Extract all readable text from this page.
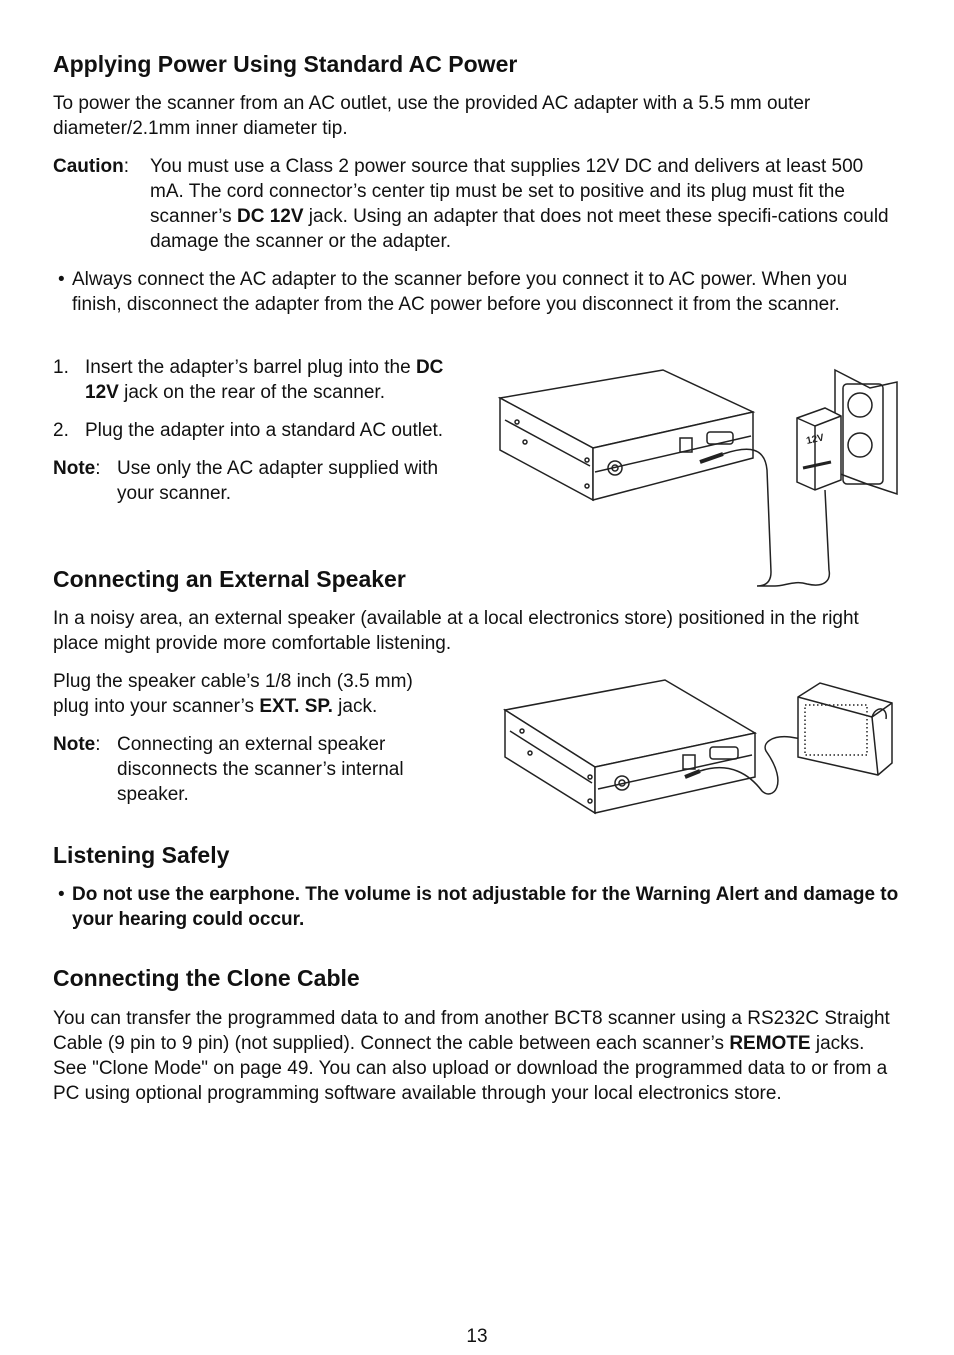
Applying Power Using Standard AC Power
To power the scanner from an AC outlet, use the provided AC adapter with a 5.5 mm outer diameter/2.1mm inner diameter tip.
Caution: You must use a Class 2 power source that supplies 12V DC and delivers at least 500 mA. The cord connector’s center tip must be set to positive and its plug must fit the scanner’s DC 12V jack. Using an adapter that does not meet these specifi-cations could damage the scanner or the adapter.
• Always connect the AC adapter to the scanner before you connect it to AC power. When you finish, disconnect the adapter from the AC power before you disconnect it from the scanner.
1. Insert the adapter’s barrel plug into the DC 12V jack on the rear of the scanner.
2. Plug the adapter into a standard AC outlet.
Note: Use only the AC adapter supplied with your scanner.
12V
Connecting an External Speaker
In a noisy area, an external speaker (available at a local electronics store) positioned in the right place might provide more comfortable listening.
Plug the speaker cable’s 1/8 inch (3.5 mm) plug into your scanner’s EXT. SP. jack.
Note: Connecting an external speaker disconnects the scanner’s internal speaker.
Listening Safely
• Do not use the earphone. The volume is not adjustable for the Warning Alert and damage to your hearing could occur.
Connecting the Clone Cable
You can transfer the programmed data to and from another BCT8 scanner using a RS232C Straight Cable (9 pin to 9 pin) (not supplied). Connect the cable between each scanner’s REMOTE jacks. See "Clone Mode" on page 49. You can also upload or download the programmed data to or from a PC using optional programming software available through your local electronics store.
13
